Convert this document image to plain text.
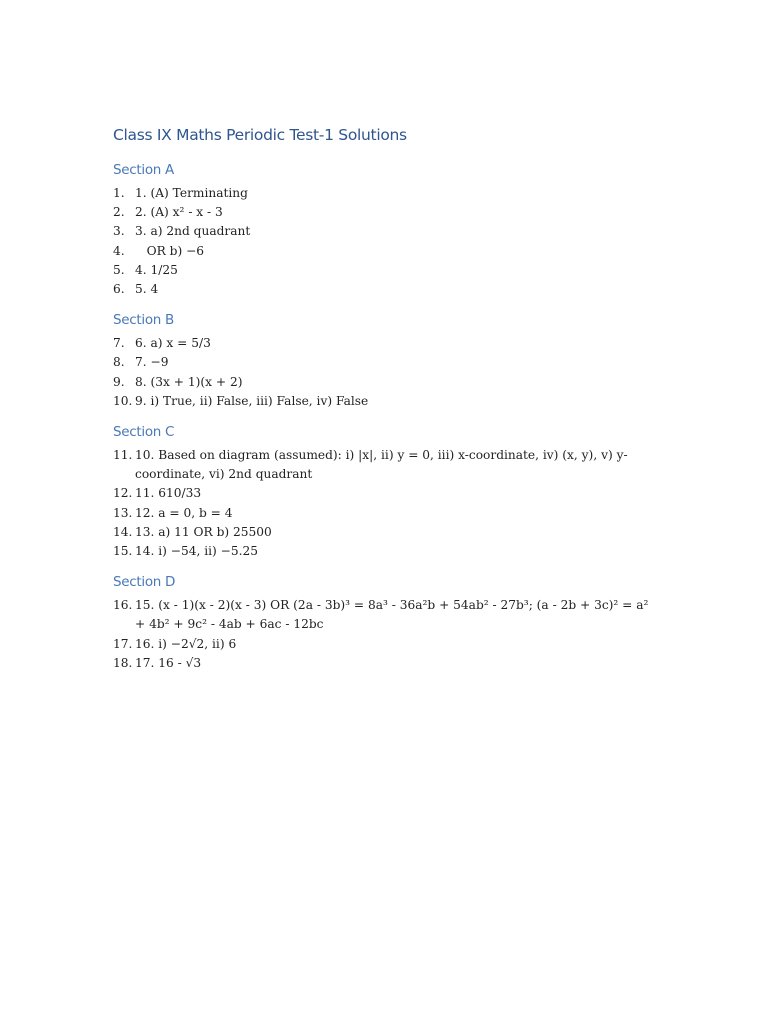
Class IX Maths Periodic Test-1 Solutions
Section A
1. 1. (A) Terminating
2. 2. (A) x² - x - 3
3. 3. a) 2nd quadrant
4. OR b) −6
5. 4. 1/25
6. 5. 4
Section B
7. 6. a) x = 5/3
8. 7. −9
9. 8. (3x + 1)(x + 2)
10. 9. i) True, ii) False, iii) False, iv) False
Section C
11. 10. Based on diagram (assumed): i) |x|, ii) y = 0, iii) x-coordinate, iv) (x, y), v) y-coordinate, vi) 2nd quadrant
12. 11. 610/33
13. 12. a = 0, b = 4
14. 13. a) 11 OR b) 25500
15. 14. i) −54, ii) −5.25
Section D
16. 15. (x - 1)(x - 2)(x - 3) OR (2a - 3b)³ = 8a³ - 36a²b + 54ab² - 27b³; (a - 2b + 3c)² = a² + 4b² + 9c² - 4ab + 6ac - 12bc
17. 16. i) −2√2, ii) 6
18. 17. 16 - √3
